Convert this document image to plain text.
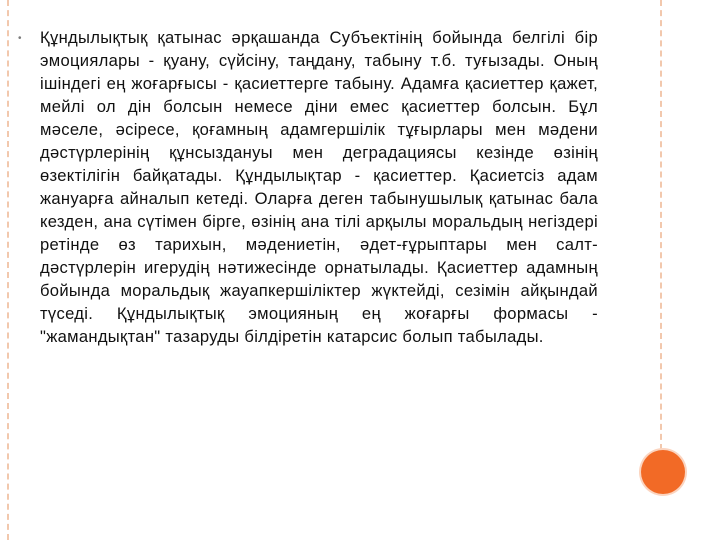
•	Құндылықтық қатынас әрқашанда Субъектінің бойында белгілі бір эмоциялары - қуану, сүйсіну, таңдану, табыну т.б. туғызады. Оның ішіндегі ең жоғарғысы - қасиеттерге табыну. Адамға қасиеттер қажет, мейлі ол дін болсын немесе діни емес қасиеттер болсын. Бұл мәселе, әсіресе, қоғамның адамгершілік тұғырлары мен мәдени дәстүрлерінің құнсыздануы мен деградациясы кезінде өзінің өзектілігін байқатады. Құндылықтар - қасиеттер. Қасиетсіз адам жануарға айналып кетеді. Оларға деген табынушылық қатынас бала кезден, ана сүтімен бірге, өзінің ана тілі арқылы моральдың негіздері ретінде өз тарихын, мәдениетін, әдет-ғұрыптары мен салт-дәстүрлерін игерудің нәтижесінде орнатылады. Қасиеттер адамның бойында моральдық жауапкершіліктер жүктейді, сезімін айқындай түседі. Құндылықтық эмоцияның ең жоғарғы формасы - "жамандықтан" тазаруды білдіретін катарсис болып табылады.
